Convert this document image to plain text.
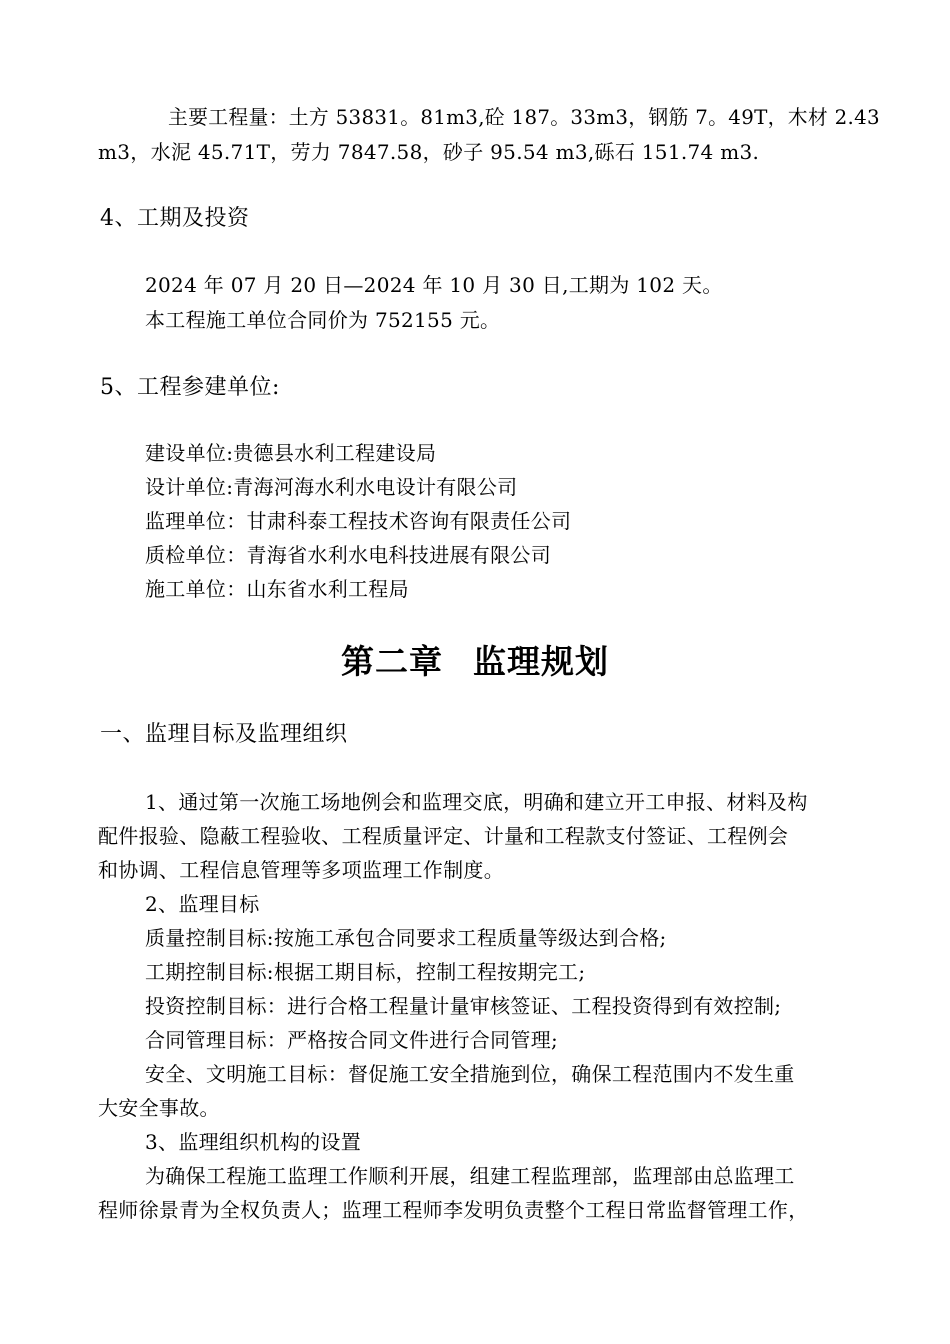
主要工程量：土方 53831。81m3,砼 187。33m3，钢筋 7。49T，木材 2.43
m3，水泥 45.71T，劳力 7847.58，砂子 95.54 m3,砾石 151.74 m3.
4、工期及投资
2024 年 07 月 20 日—2024 年 10 月 30 日,工期为 102 天。
本工程施工单位合同价为 752155 元。
5、工程参建单位:
建设单位:贵德县水利工程建设局
设计单位:青海河海水利水电设计有限公司
监理单位：甘肃科泰工程技术咨询有限责任公司
质检单位：青海省水利水电科技进展有限公司
施工单位：山东省水利工程局
第二章 监理规划
一、监理目标及监理组织
1、通过第一次施工场地例会和监理交底，明确和建立开工申报、材料及构
配件报验、隐蔽工程验收、工程质量评定、计量和工程款支付签证、工程例会
和协调、工程信息管理等多项监理工作制度。
2、监理目标
质量控制目标:按施工承包合同要求工程质量等级达到合格;
工期控制目标:根据工期目标，控制工程按期完工;
投资控制目标：进行合格工程量计量审核签证、工程投资得到有效控制;
合同管理目标：严格按合同文件进行合同管理;
安全、文明施工目标：督促施工安全措施到位，确保工程范围内不发生重
大安全事故。
3、监理组织机构的设置
为确保工程施工监理工作顺利开展，组建工程监理部，监理部由总监理工
程师徐景青为全权负责人；监理工程师李发明负责整个工程日常监督管理工作，
